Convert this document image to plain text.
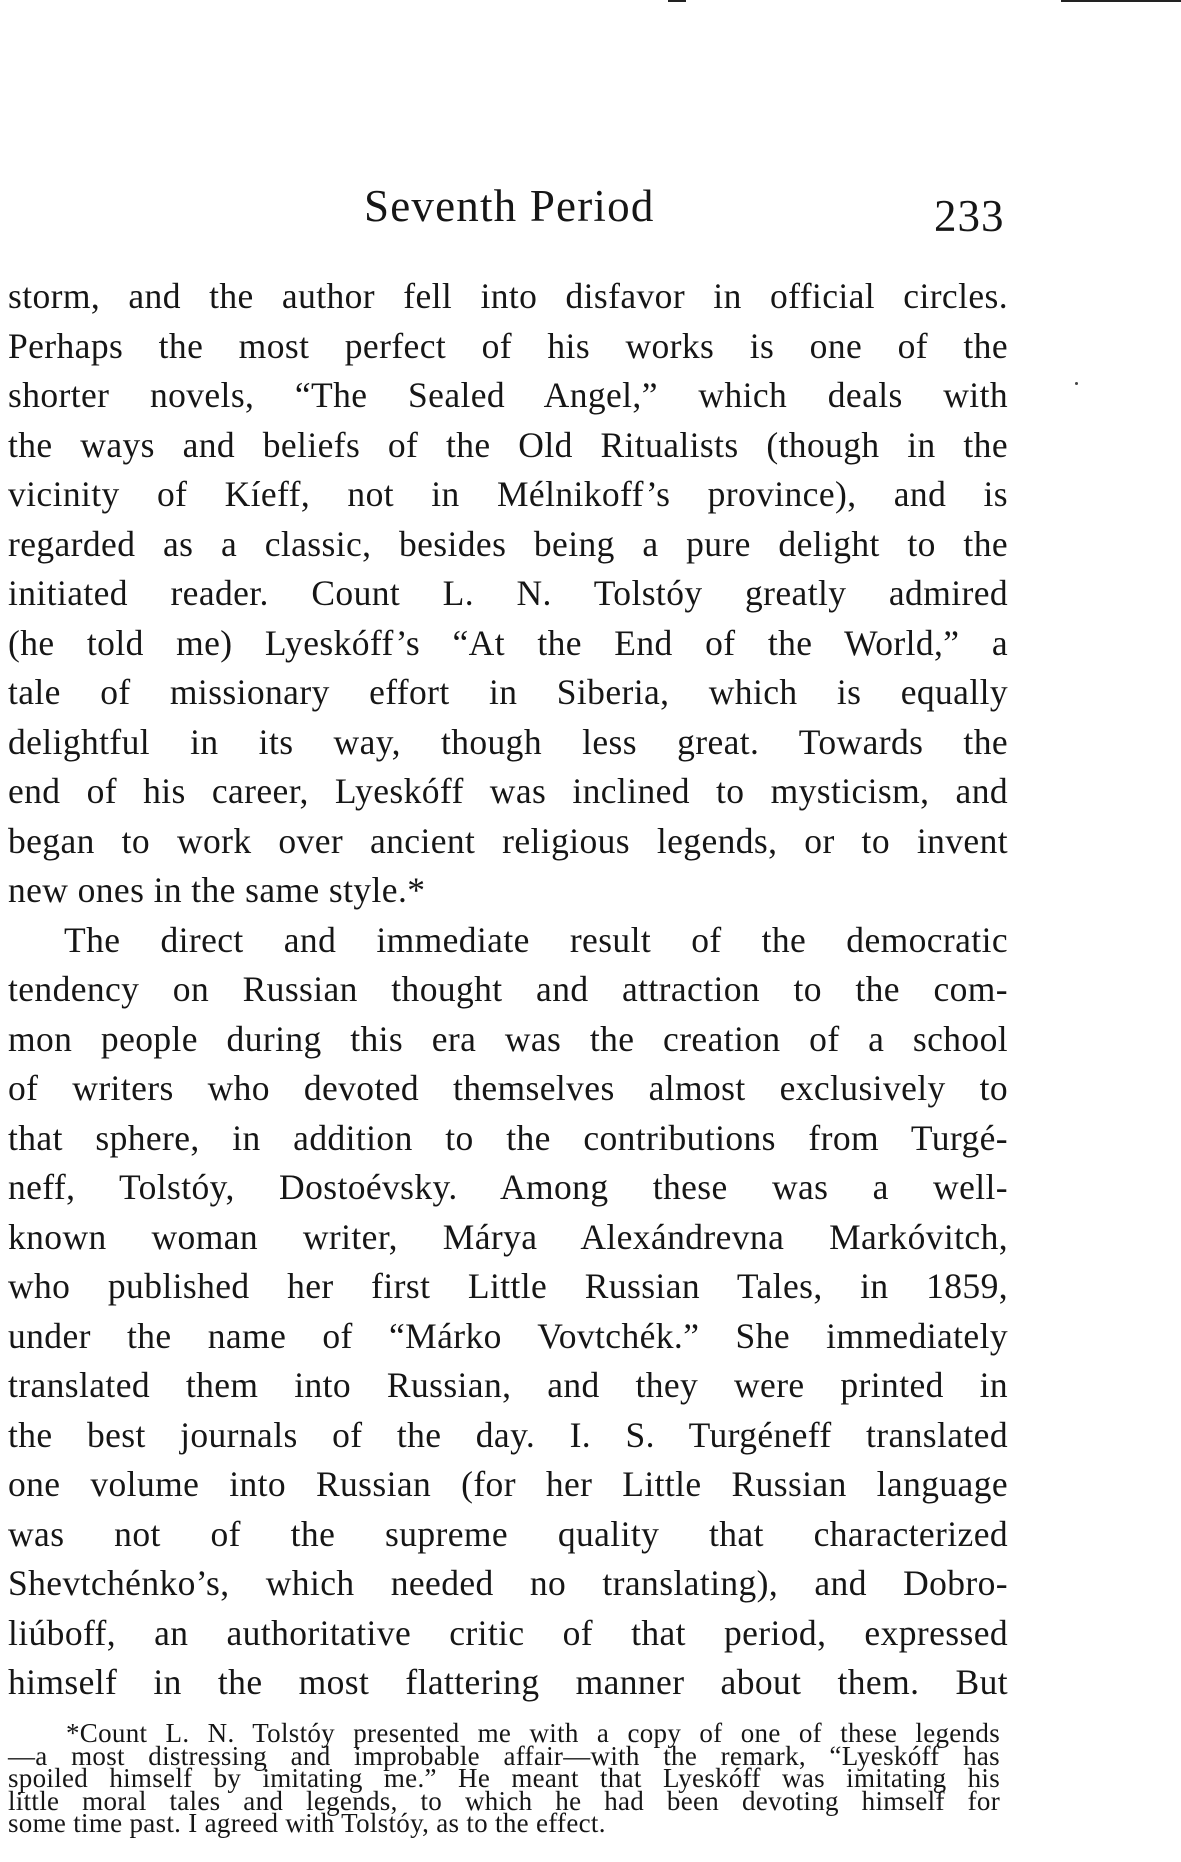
Seventh Period	233
storm, and the author fell into disfavor in official circles.
Perhaps the most perfect of his works is one of the
shorter novels, “The Sealed Angel,” which deals with
the ways and beliefs of the Old Ritualists (though in the
vicinity of Kíeff, not in Mélnikoff’s province), and is
regarded as a classic, besides being a pure delight to the
initiated reader. Count L. N. Tolstóy greatly admired
(he told me) Lyeskóff’s “At the End of the World,” a
tale of missionary effort in Siberia, which is equally
delightful in its way, though less great. Towards the
end of his career, Lyeskóff was inclined to mysticism, and
began to work over ancient religious legends, or to invent
new ones in the same style.*
The direct and immediate result of the democratic
tendency on Russian thought and attraction to the com-
mon people during this era was the creation of a school
of writers who devoted themselves almost exclusively to
that sphere, in addition to the contributions from Turgé-
neff, Tolstóy, Dostoévsky. Among these was a well-
known woman writer, Márya Alexándrevna Markóvitch,
who published her first Little Russian Tales, in 1859,
under the name of “Márko Vovtchék.” She immediately
translated them into Russian, and they were printed in
the best journals of the day. I. S. Turgéneff translated
one volume into Russian (for her Little Russian language
was not of the supreme quality that characterized
Shevtchénko’s, which needed no translating), and Dobro-
liúboff, an authoritative critic of that period, expressed
himself in the most flattering manner about them. But
*Count L. N. Tolstóy presented me with a copy of one of these legends
—a most distressing and improbable affair—with the remark, “Lyeskóff has
spoiled himself by imitating me.” He meant that Lyeskóff was imitating his
little moral tales and legends, to which he had been devoting himself for
some time past. I agreed with Tolstóy, as to the effect.
